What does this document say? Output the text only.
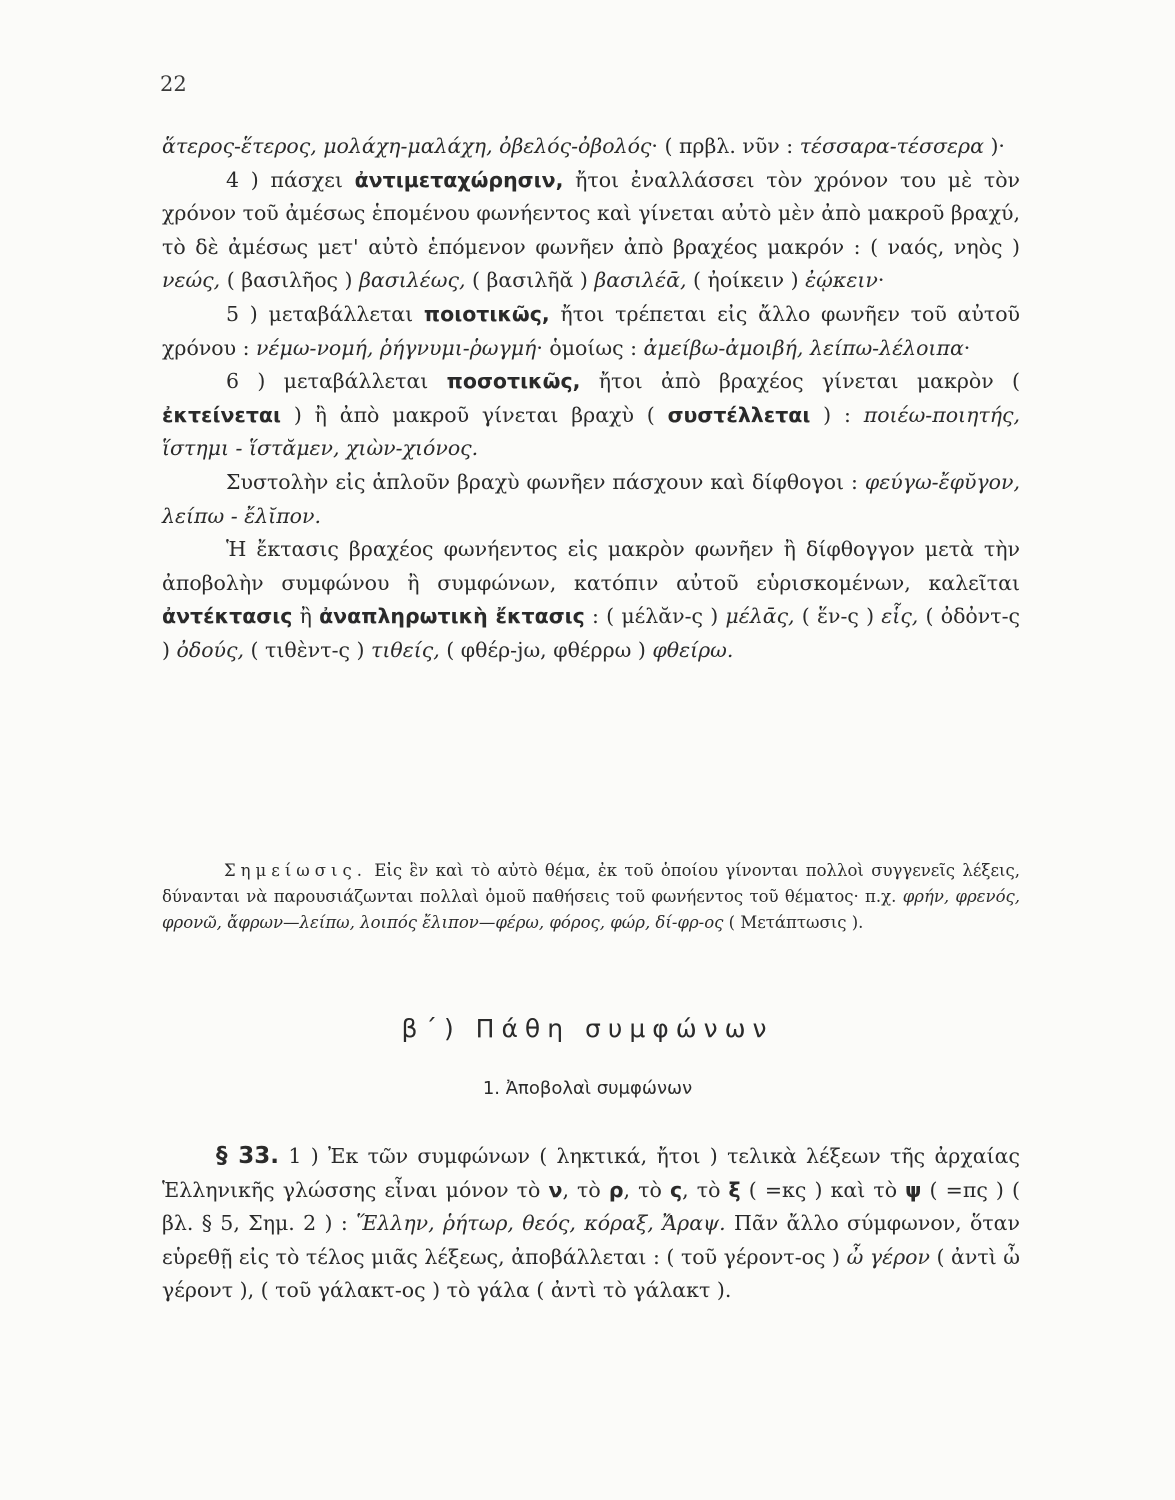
22

ἅτερος-ἕτερος, μολάχη-μαλάχη, ὀβελός-ὀβολός· ( πρβλ. νῦν : τέσσαρα-τέσσερα )·

4 ) πάσχει ἀντιμεταχώρησιν, ἤτοι ἐναλλάσσει τὸν χρόνον του μὲ τὸν χρόνον τοῦ ἀμέσως ἑπομένου φωνήεντος καὶ γίνεται αὐτὸ μὲν ἀπὸ μακροῦ βραχύ, τὸ δὲ ἀμέσως μετ' αὐτὸ ἑπόμενον φωνῆεν ἀπὸ βραχέος μακρόν : ( ναός, νηὸς ) νεώς, ( βασιλῆος ) βασιλέως, ( βασιλῆᾰ ) βασιλέᾱ, ( ἠοίκειν ) ἐῴκειν·

5 ) μεταβάλλεται ποιοτικῶς, ἤτοι τρέπεται εἰς ἄλλο φωνῆεν τοῦ αὐτοῦ χρόνου : νέμω-νομή, ῥήγνυμι-ῥωγμή· ὁμοίως : ἀμείβω-ἀμοιβή, λείπω-λέλοιπα·

6 ) μεταβάλλεται ποσοτικῶς, ἤτοι ἀπὸ βραχέος γίνεται μακρὸν ( ἐκτείνεται ) ἢ ἀπὸ μακροῦ γίνεται βραχὺ ( συστέλλεται ) : ποιέω-ποιητής, ἵστημι - ἵστᾰμεν, χιὼν-χιόνος.

Συστολὴν εἰς ἁπλοῦν βραχὺ φωνῆεν πάσχουν καὶ δίφθογοι : φεύγω-ἔφῠγον, λείπω - ἔλῐπον.

Ἡ ἔκτασις βραχέος φωνήεντος εἰς μακρὸν φωνῆεν ἢ δίφθογγον μετὰ τὴν ἀποβολὴν συμφώνου ἢ συμφώνων, κατόπιν αὐτοῦ εὑρισκομένων, καλεῖται ἀντέκτασις ἢ ἀναπληρωτικὴ ἔκτασις : ( μέλᾰν-ς ) μέλᾱς, ( ἕν-ς ) εἷς, ( ὀδὀντ-ς ) ὀδούς, ( τιθὲντ-ς ) τιθείς, ( φθέρ-jω, φθέρρω ) φθείρω.

Σημείωσις. Εἰς ἓν καὶ τὸ αὐτὸ θέμα, ἐκ τοῦ ὁποίου γίνονται πολλοὶ συγγενεῖς λέξεις, δύνανται νὰ παρουσιάζωνται πολλαὶ ὁμοῦ παθήσεις τοῦ φωνήεντος τοῦ θέματος· π.χ. φρήν, φρενός, φρονῶ, ἄφρων—λείπω, λοιπός ἔλιπον—φέρω, φόρος, φώρ, δί-φρ-ος ( Μετάπτωσις ).

β΄) Πάθη συμφώνων
1. Ἀποβολαὶ συμφώνων

§ 33. 1 ) Ἐκ τῶν συμφώνων ( ληκτικά, ἤτοι ) τελικὰ λέξεων τῆς ἀρχαίας Ἑλληνικῆς γλώσσης εἶναι μόνον τὸ ν, τὸ ρ, τὸ ς, τὸ ξ ( =κς ) καὶ τὸ ψ ( =πς ) ( βλ. § 5, Σημ. 2 ) : Ἕλλην, ῥήτωρ, θεός, κόραξ, Ἄραψ. Πᾶν ἄλλο σύμφωνον, ὅταν εὑρεθῇ εἰς τὸ τέλος μιᾶς λέξεως, ἀποβάλλεται : ( τοῦ γέροντ-ος ) ὦ γέρον ( ἀντὶ ὦ γέροντ ), ( τοῦ γάλακτ-ος ) τὸ γάλα ( ἀντὶ τὸ γάλακτ ).
